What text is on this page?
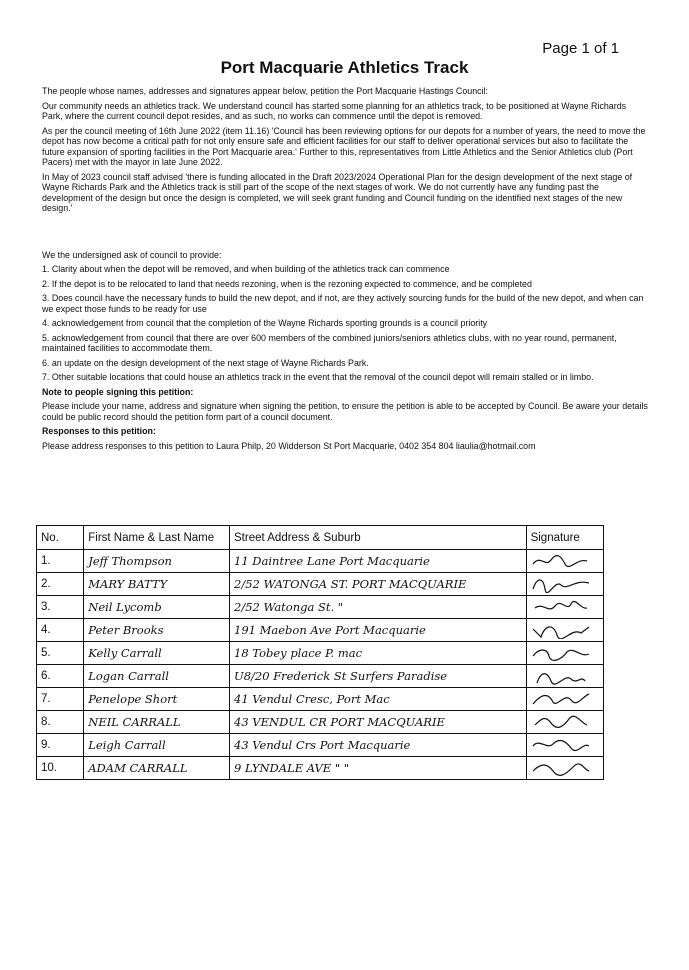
Page 1 of 1
Port Macquarie Athletics Track

The people whose names, addresses and signatures appear below, petition the Port Macquarie Hastings Council:

Our community needs an athletics track. We understand council has started some planning for an athletics track, to be positioned at Wayne Richards Park, where the current council depot resides, and as such, no works can commence until the depot is removed.

As per the council meeting of 16th June 2022 (item 11.16) 'Council has been reviewing options for our depots for a number of years, the need to move the depot has now become a critical path for not only ensure safe and efficient facilities for our staff to deliver operational services but also to facilitate the future expansion of sporting facilities in the Port Macquarie area.' Further to this, representatives from Little Athletics and the Senior Athletics club (Port Pacers) met with the mayor in late June 2022.

In May of 2023 council staff advised 'there is funding allocated in the Draft 2023/2024 Operational Plan for the design development of the next stage of Wayne Richards Park and the Athletics track is still part of the scope of the next stages of work. We do not currently have any funding past the development of the design but once the design is completed, we will seek grant funding and Council funding on the identified next stages of the new design.'

We the undersigned ask of council to provide:

1. Clarity about when the depot will be removed, and when building of the athletics track can commence

2. If the depot is to be relocated to land that needs rezoning, when is the rezoning expected to commence, and be completed

3. Does council have the necessary funds to build the new depot, and if not, are they actively sourcing funds for the build of the new depot, and when can we expect those funds to be ready for use

4. acknowledgement from council that the completion of the Wayne Richards sporting grounds is a council priority

5. acknowledgement from council that there are over 600 members of the combined juniors/seniors athletics clubs, with no year round, permanent, maintained facilities to accommodate them.

6. an update on the design development of the next stage of Wayne Richards Park.

7. Other suitable locations that could house an athletics track in the event that the removal of the council depot will remain stalled or in limbo.

Note to people signing this petition:

Please include your name, address and signature when signing the petition, to ensure the petition is able to be accepted by Council. Be aware your details could be public record should the petition form part of a council document.

Responses to this petition:

Please address responses to this petition to Laura Philp, 20 Widderson St Port Macquarie, 0402 354 804 liaulia@hotmail.com

No.	First Name & Last Name	Street Address & Suburb	Signature
1.	Jeff Thompson	11 Daintree Lane Port Macquarie	

2.	MARY BATTY	2/52 WATONGA ST. PORT MACQUARIE	

3.	Neil Lycomb	2/52 Watonga St. "	

4.	Peter Brooks	191 Maebon Ave Port Macquarie	

5.	Kelly Carrall	18 Tobey place P. mac	

6.	Logan Carrall	U8/20 Frederick St Surfers Paradise	

7.	Penelope Short	41 Vendul Cresc, Port Mac	

8.	NEIL CARRALL	43 VENDUL CR PORT MACQUARIE	

9.	Leigh Carrall	43 Vendul Crs Port Macquarie	

10.	ADAM CARRALL	9 LYNDALE AVE " "	
